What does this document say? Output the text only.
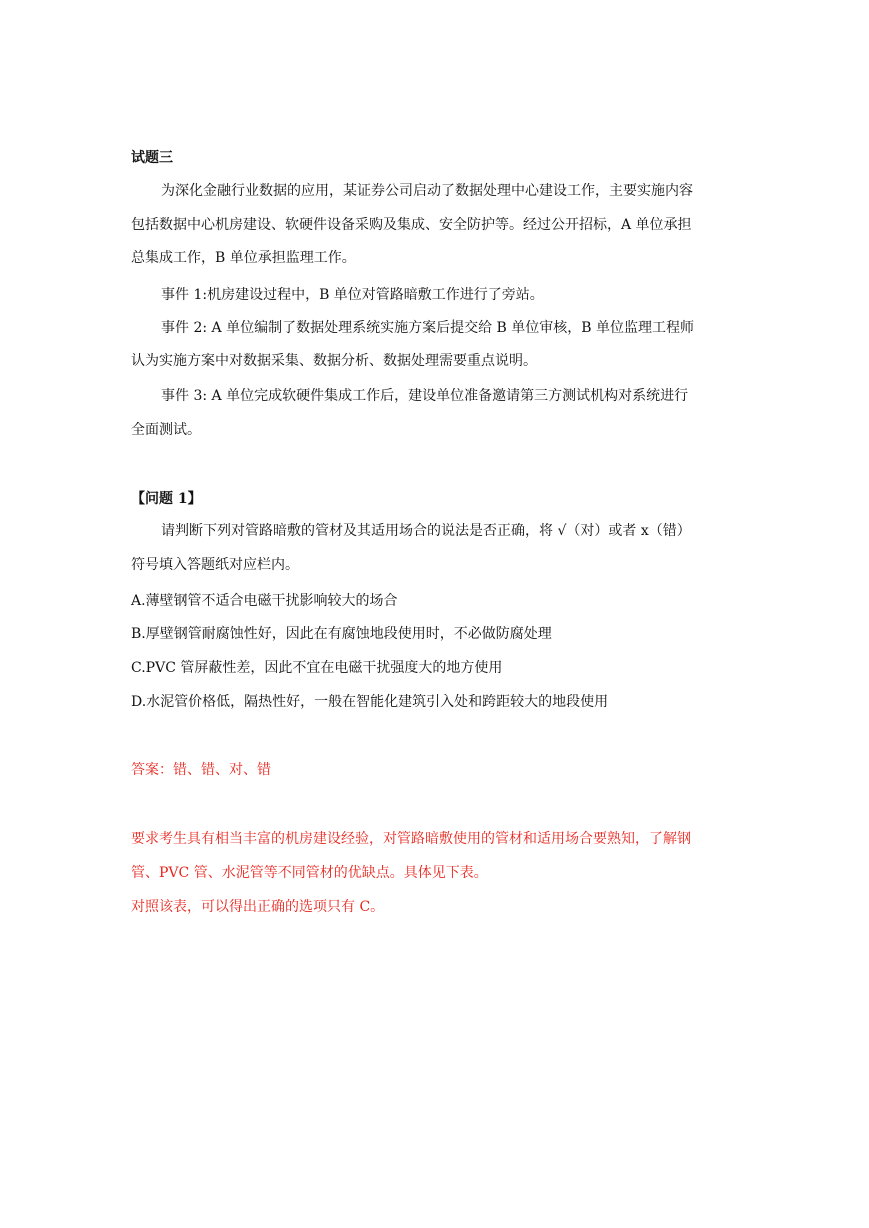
试题三

为深化金融行业数据的应用，某证券公司启动了数据处理中心建设工作，主要实施内容

包括数据中心机房建设、软硬件设备采购及集成、安全防护等。经过公开招标，A 单位承担

总集成工作，B 单位承担监理工作。

事件 1:机房建设过程中，B 单位对管路暗敷工作进行了旁站。

事件 2: A 单位编制了数据处理系统实施方案后提交给 B 单位审核，B 单位监理工程师

认为实施方案中对数据采集、数据分析、数据处理需要重点说明。

事件 3: A 单位完成软硬件集成工作后，建设单位准备邀请第三方测试机构对系统进行

全面测试。

【问题 1】

请判断下列对管路暗敷的管材及其适用场合的说法是否正确，将 √（对）或者 x（错）

符号填入答题纸对应栏内。

A.薄壁钢管不适合电磁干扰影响较大的场合

B.厚壁钢管耐腐蚀性好，因此在有腐蚀地段使用时，不必做防腐处理

C.PVC 管屏蔽性差，因此不宜在电磁干扰强度大的地方使用

D.水泥管价格低，隔热性好，一般在智能化建筑引入处和跨距较大的地段使用

答案：错、错、对、错

要求考生具有相当丰富的机房建设经验，对管路暗敷使用的管材和适用场合要熟知，了解钢

管、PVC 管、水泥管等不同管材的优缺点。具体见下表。

对照该表，可以得出正确的选项只有 C。
